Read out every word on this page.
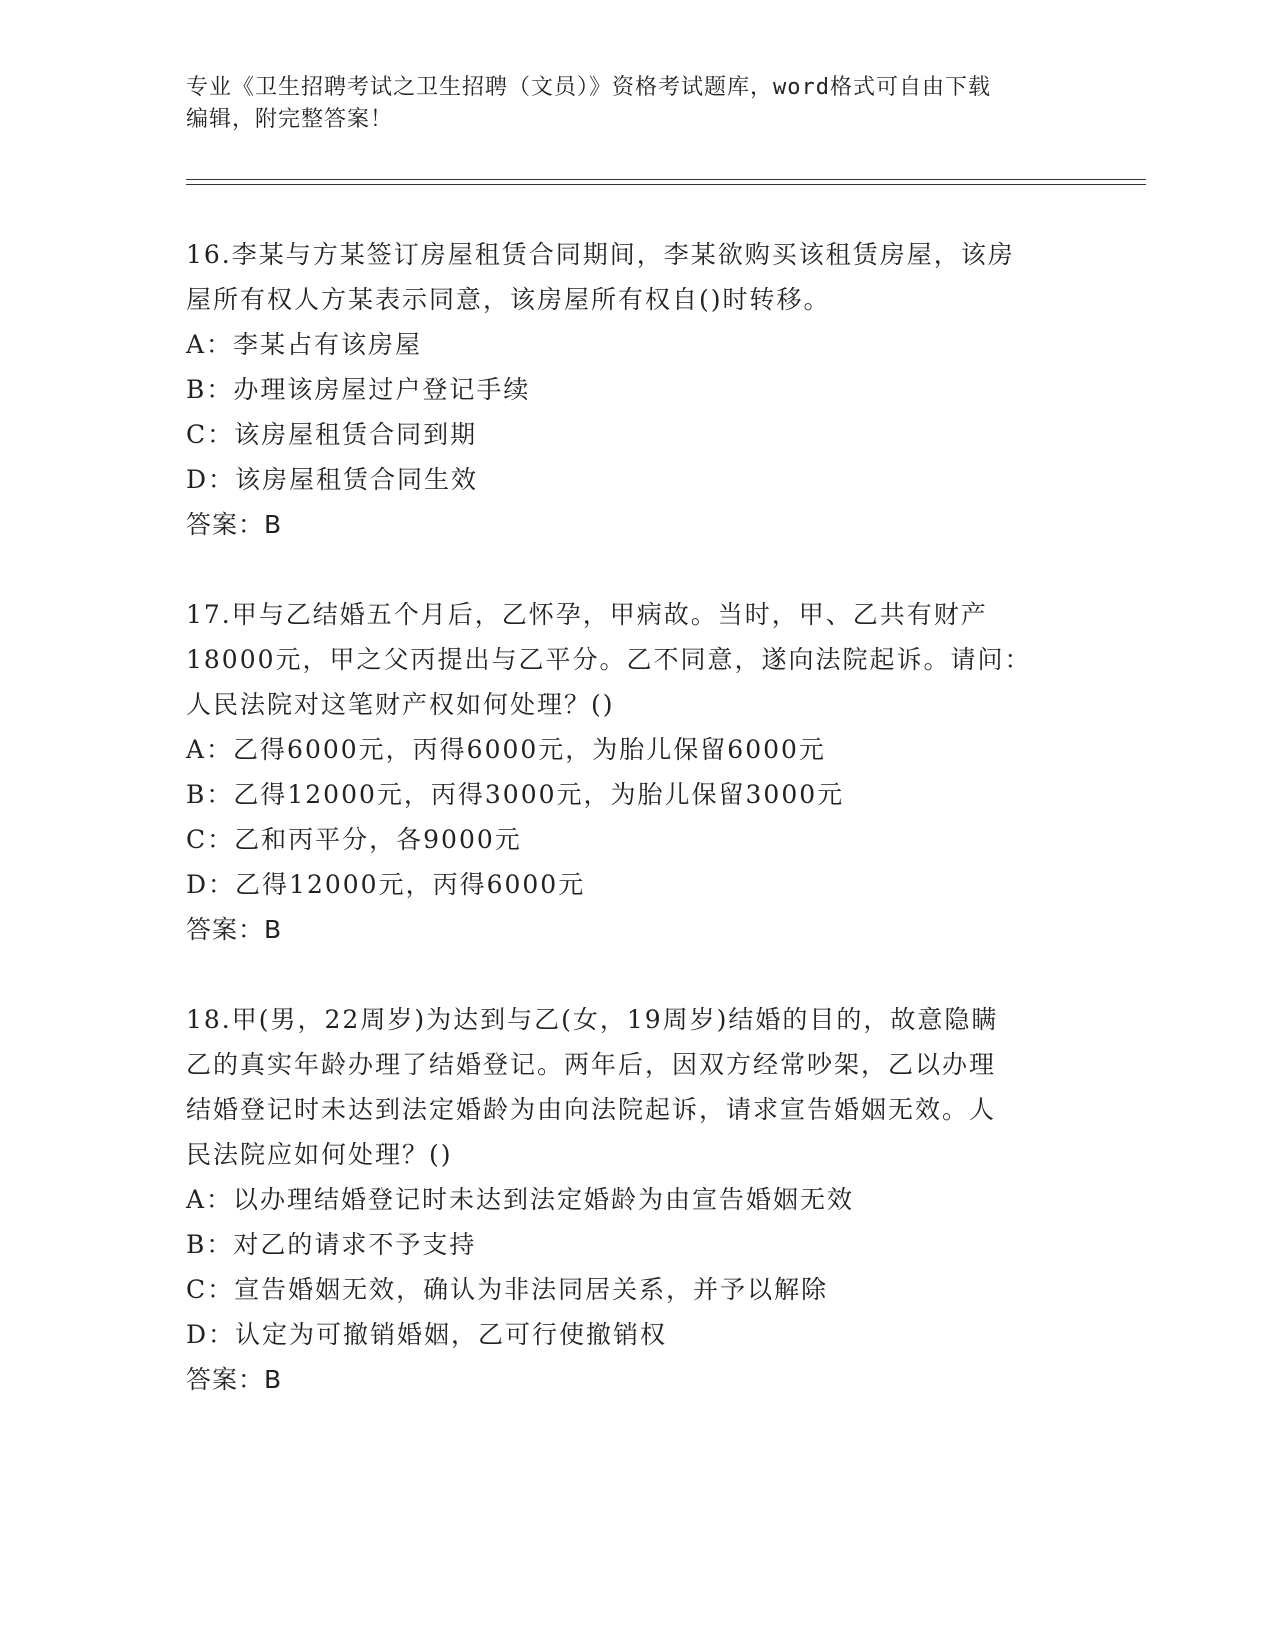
专业《卫生招聘考试之卫生招聘（文员）》资格考试题库，word格式可自由下载
编辑，附完整答案！
16.李某与方某签订房屋租赁合同期间，李某欲购买该租赁房屋，该房
屋所有权人方某表示同意，该房屋所有权自()时转移。
A：李某占有该房屋
B：办理该房屋过户登记手续
C：该房屋租赁合同到期
D：该房屋租赁合同生效
答案：B
17.甲与乙结婚五个月后，乙怀孕，甲病故。当时，甲、乙共有财产
18000元，甲之父丙提出与乙平分。乙不同意，遂向法院起诉。请问：
人民法院对这笔财产权如何处理？()
A：乙得6000元，丙得6000元，为胎儿保留6000元
B：乙得12000元，丙得3000元，为胎儿保留3000元
C：乙和丙平分，各9000元
D：乙得12000元，丙得6000元
答案：B
18.甲(男，22周岁)为达到与乙(女，19周岁)结婚的目的，故意隐瞒
乙的真实年龄办理了结婚登记。两年后，因双方经常吵架，乙以办理
结婚登记时未达到法定婚龄为由向法院起诉，请求宣告婚姻无效。人
民法院应如何处理？()
A：以办理结婚登记时未达到法定婚龄为由宣告婚姻无效
B：对乙的请求不予支持
C：宣告婚姻无效，确认为非法同居关系，并予以解除
D：认定为可撤销婚姻，乙可行使撤销权
答案：B
